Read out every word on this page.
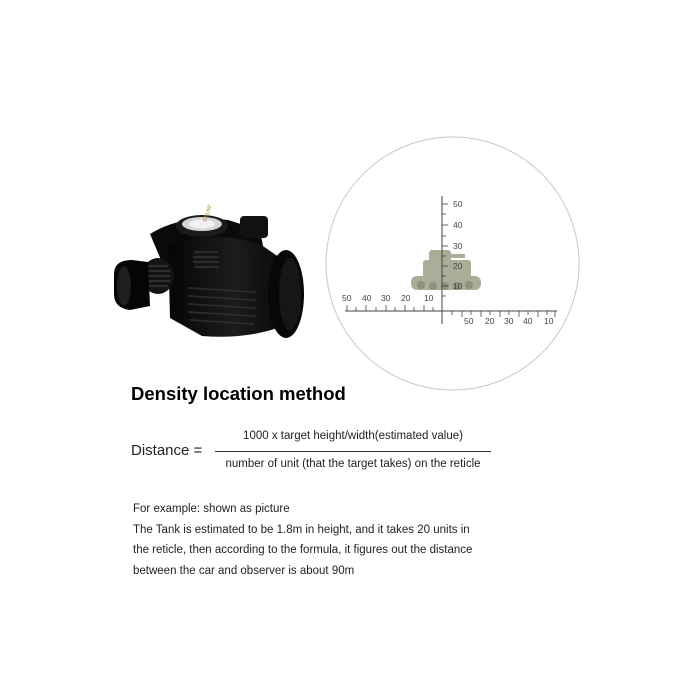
ESLNF	50
40
30
20
10
50 40 30 20 10
50 20 30 40 10
Density location method
Distance =
1000 x target height/width(estimated value)
number of unit (that the target takes) on the reticle

For example: shown as picture

The Tank is estimated to be 1.8m in height, and it takes 20 units in

the reticle, then according to the formula, it figures out the distance

between the car and observer is about 90m
